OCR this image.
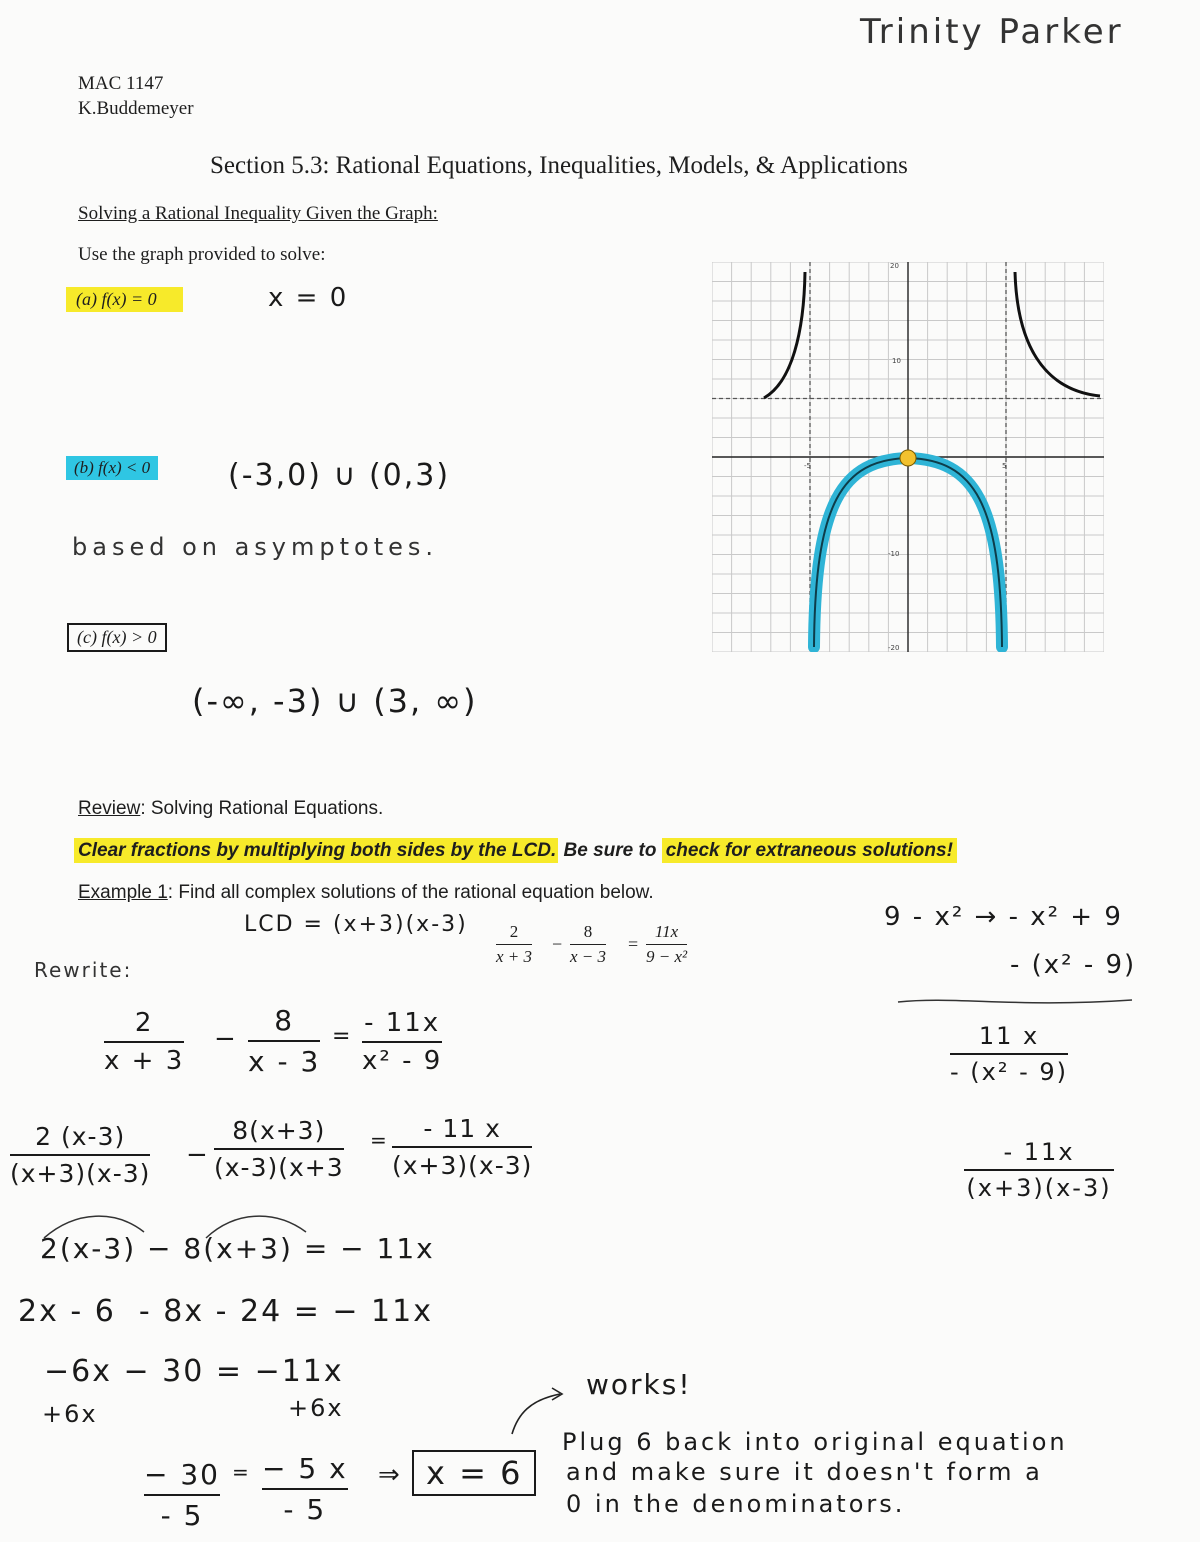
Trinity Parker
MAC 1147
K.Buddemeyer
Section 5.3: Rational Equations, Inequalities, Models, & Applications
Solving a Rational Inequality Given the Graph:
Use the graph provided to solve:
(a) f(x) = 0	x = 0
(b) f(x) < 0	(-3,0) ∪ (0,3)
based on asymptotes.
(c) f(x) > 0
(-∞, -3) ∪ (3, ∞)
20
10
-10
-20
-5	5
Review: Solving Rational Equations.
Clear fractions by multiplying both sides by the LCD. Be sure to check for extraneous solutions!
Example 1: Find all complex solutions of the rational equation below.
LCD = (x+3)(x-3) 2
x + 3
−
8
x − 3
=
11x
9 − x²
Rewrite:
2
x + 3
−
8
x - 3
= - 11x
x² - 9
2 (x-3)
(x+3)(x-3)
−
8(x+3)
(x-3)(x+3
= - 11 x
(x+3)(x-3)
2(x-3) − 8(x+3) = − 11x
2x - 6  - 8x - 24 = − 11x
−6x − 30 = −11x
+6x	+6x
− 30
- 5
= − 5 x
- 5
⇒ x = 6
works!
Plug 6 back into original equation
and make sure it doesn't form a
0 in the denominators.
9 - x² → - x² + 9
- (x² - 9)
11 x
- (x² - 9)
- 11x
(x+3)(x-3)
